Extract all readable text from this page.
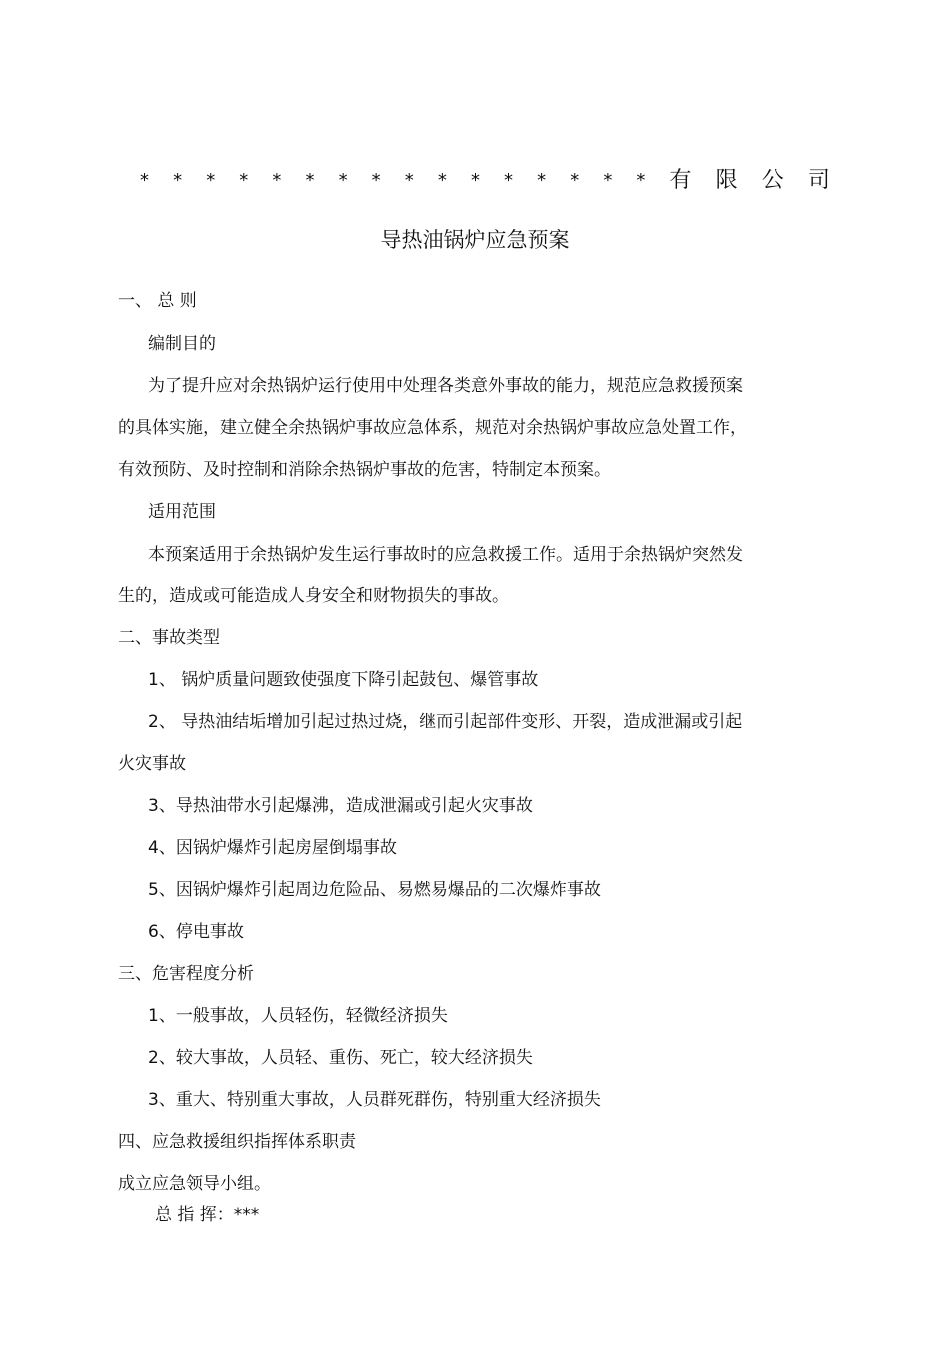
* * * * * * * * * * * * * * * * 有 限 公 司
导热油锅炉应急预案
一、 总 则
编制目的
为了提升应对余热锅炉运行使用中处理各类意外事故的能力，规范应急救援预案
的具体实施，建立健全余热锅炉事故应急体系，规范对余热锅炉事故应急处置工作，
有效预防、及时控制和消除余热锅炉事故的危害，特制定本预案。
适用范围
本预案适用于余热锅炉发生运行事故时的应急救援工作。适用于余热锅炉突然发
生的，造成或可能造成人身安全和财物损失的事故。
二、事故类型
1、 锅炉质量问题致使强度下降引起鼓包、爆管事故
2、 导热油结垢增加引起过热过烧，继而引起部件变形、开裂，造成泄漏或引起
火灾事故
3、导热油带水引起爆沸，造成泄漏或引起火灾事故
4、因锅炉爆炸引起房屋倒塌事故
5、因锅炉爆炸引起周边危险品、易燃易爆品的二次爆炸事故
6、停电事故
三、危害程度分析
1、一般事故，人员轻伤，轻微经济损失
2、较大事故，人员轻、重伤、死亡，较大经济损失
3、重大、特别重大事故，人员群死群伤，特别重大经济损失
四、应急救援组织指挥体系职责
成立应急领导小组。
总 指 挥：***
